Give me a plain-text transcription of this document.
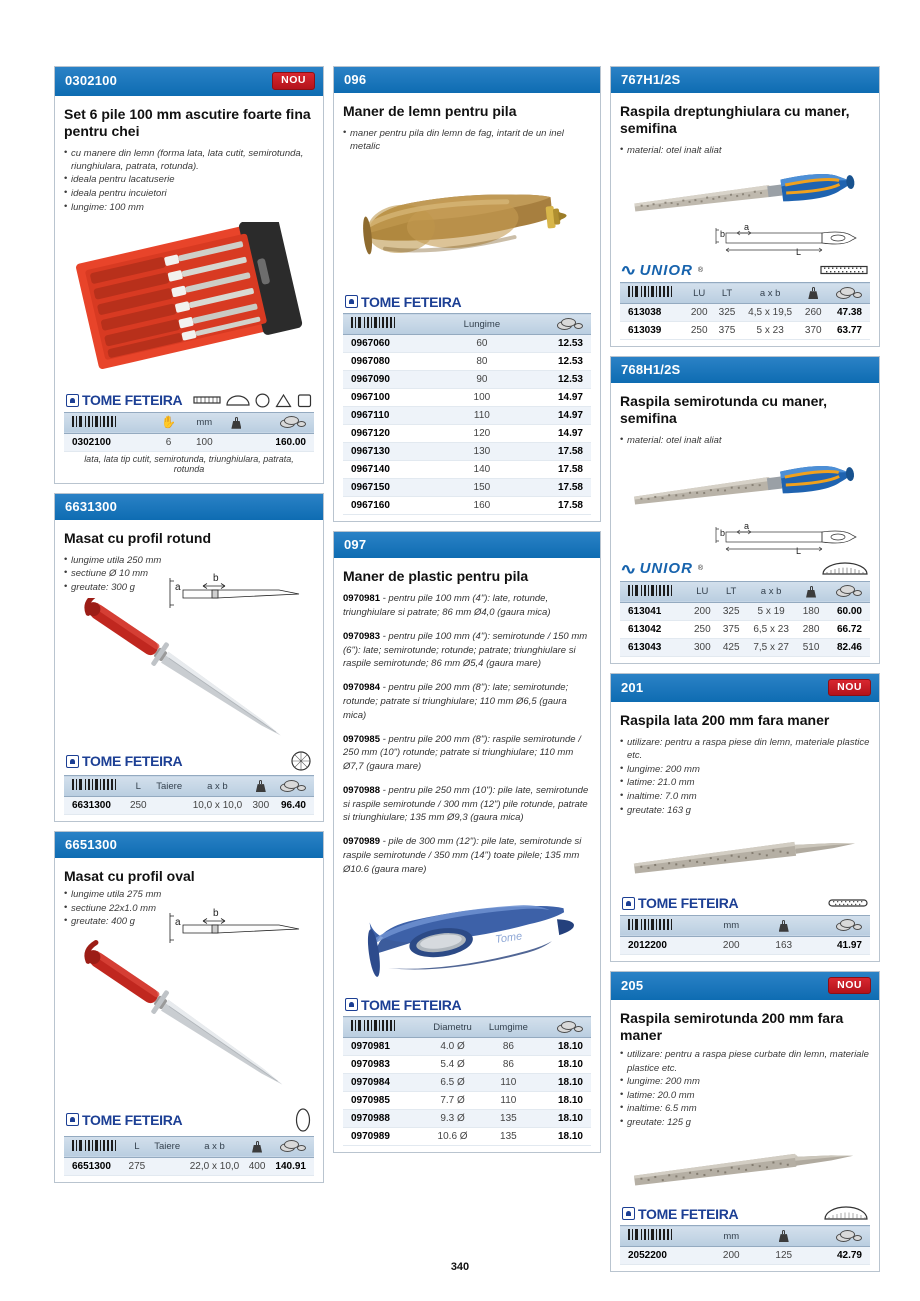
0302100	NOU
Set 6 pile 100 mm ascutire foarte fina pentru chei
• cu manere din lemn (forma lata, lata cutit, semirotunda, riunghiulara, patrata, rotunda).
• ideala pentru lacatuserie
• ideala pentru incuietori
• lungime: 100 mm
TOME FETEIRA
	✋	mm	

0302100	6	100		160.00
lata, lata tip cutit, semirotunda, triunghiulara, patrata, rotunda
6631300
Masat cu profil rotund
• lungime utila 250 mm
• sectiune Ø 10 mm
• greutate: 300 g	a
b
TOME FETEIRA
	L	Taiere	a x b	

6631300	250		10,0 x 10,0	300	96.40
6651300
Masat cu profil oval
• lungime utila 275 mm
• sectiune 22x1.0 mm
• greutate: 400 g	a
b
TOME FETEIRA
	L	Taiere	a x b	

6651300	275		22,0 x 10,0	400	140.91
096
Maner de lemn pentru pila
• maner pentru pila din lemn de fag, intarit de un inel metalic
TOME FETEIRA
	Lungime	

0967060	60	12.53
0967080	80	12.53
0967090	90	12.53
0967100	100	14.97
0967110	110	14.97
0967120	120	14.97
0967130	130	17.58
0967140	140	17.58
0967150	150	17.58
0967160	160	17.58
097
Maner de plastic pentru pila

0970981 - pentru pile 100 mm (4"): late, rotunde, triunghiulare si patrate; 86 mm Ø4,0 (gaura mica)

0970983 - pentru pile 100 mm (4"): semirotunde / 150 mm (6"): late; semirotunde; rotunde; patrate; triunghiulare si raspile semirotunde; 86 mm Ø5,4 (gaura mare)

0970984 - pentru pile 200 mm (8"): late; semirotunde; rotunde; patrate si triunghiulare; 110 mm Ø6,5 (gaura mica)

0970985 - pentru pile 200 mm (8"): raspile semirotunde / 250 mm (10") rotunde; patrate si triunghiulare; 110 mm Ø7,7 (gaura mare)

0970988 - pentru pile 250 mm (10"): pile late, semirotunde si raspile semirotunde / 300 mm (12") pile rotunde, patrate si triunghiulare; 135 mm Ø9,3 (gaura mica)

0970989 - pile de 300 mm (12"): pile late, semirotunde si raspile semirotunde / 350 mm (14") toate pilele; 135 mm Ø10.6 (gaura mare)

Tome
TOME FETEIRA
	Diametru	Lumgime	

0970981	4.0 Ø	86	18.10
0970983	5.4 Ø	86	18.10
0970984	6.5 Ø	110	18.10
0970985	7.7 Ø	110	18.10
0970988	9.3 Ø	135	18.10
0970989	10.6 Ø	135	18.10
767H1/2S
Raspila dreptunghiulara cu maner, semifina
• material: otel inalt aliat
b
a
L
∿ UNIOR ®
	LU	LT	a x b	

613038	200	325	4,5 x 19,5	260	47.38
613039	250	375	5 x 23	370	63.77
768H1/2S
Raspila semirotunda cu maner, semifina
• material: otel inalt aliat
b
a
L
∿ UNIOR ®
	LU	LT	a x b	

613041	200	325	5 x 19	180	60.00
613042	250	375	6,5 x 23	280	66.72
613043	300	425	7,5 x 27	510	82.46
201	NOU
Raspila lata 200 mm fara maner
• utilizare: pentru a raspa piese din lemn, materiale plastice etc.
• lungime: 200 mm
• latime: 21.0 mm
• inaltime: 7.0 mm
• greutate: 163 g
TOME FETEIRA
	mm	

2012200	200	163	41.97
205	NOU
Raspila semirotunda 200 mm fara maner
• utilizare: pentru a raspa piese curbate din lemn, materiale plastice etc.
• lungime: 200 mm
• latime: 20.0 mm
• inaltime: 6.5 mm
• greutate: 125 g
TOME FETEIRA
	mm	

2052200	200	125	42.79
340
